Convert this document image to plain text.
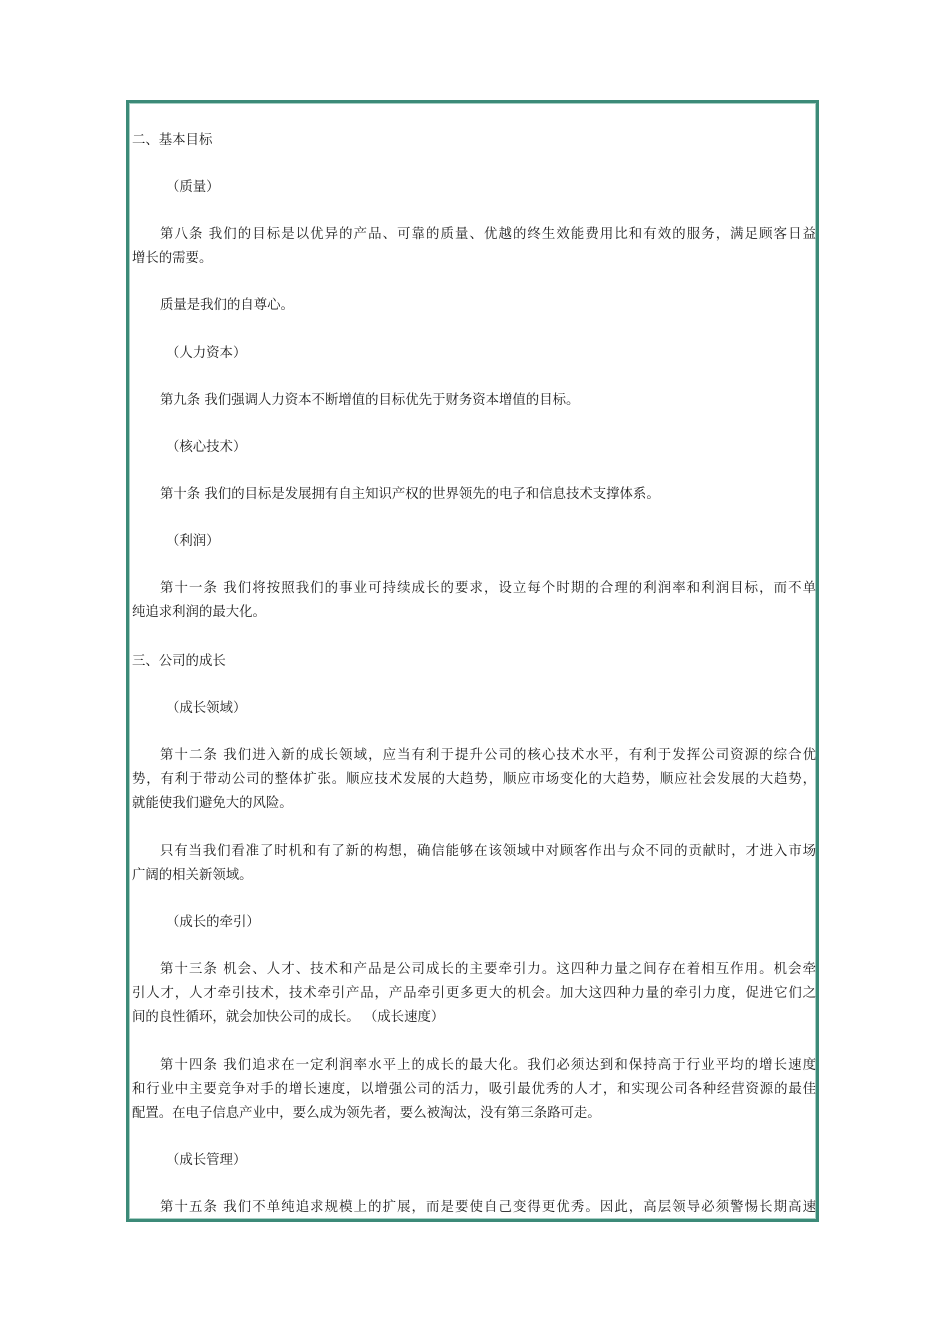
二、基本目标
（质量）
第八条 我们的目标是以优异的产品、可靠的质量、优越的终生效能费用比和有效的服务，满足顾客日益
增长的需要。
质量是我们的自尊心。
（人力资本）
第九条 我们强调人力资本不断增值的目标优先于财务资本增值的目标。
（核心技术）
第十条 我们的目标是发展拥有自主知识产权的世界领先的电子和信息技术支撑体系。
（利润）
第十一条 我们将按照我们的事业可持续成长的要求，设立每个时期的合理的利润率和利润目标，而不单
纯追求利润的最大化。
三、公司的成长
（成长领域）
第十二条 我们进入新的成长领域，应当有利于提升公司的核心技术水平，有利于发挥公司资源的综合优
势，有利于带动公司的整体扩张。顺应技术发展的大趋势，顺应市场变化的大趋势，顺应社会发展的大趋势，
就能使我们避免大的风险。
只有当我们看准了时机和有了新的构想，确信能够在该领域中对顾客作出与众不同的贡献时，才进入市场
广阔的相关新领域。
（成长的牵引）
第十三条 机会、人才、技术和产品是公司成长的主要牵引力。这四种力量之间存在着相互作用。机会牵
引人才，人才牵引技术，技术牵引产品，产品牵引更多更大的机会。加大这四种力量的牵引力度，促进它们之
间的良性循环，就会加快公司的成长。 （成长速度）
第十四条 我们追求在一定利润率水平上的成长的最大化。我们必须达到和保持高于行业平均的增长速度
和行业中主要竞争对手的增长速度，以增强公司的活力，吸引最优秀的人才，和实现公司各种经营资源的最佳
配置。在电子信息产业中，要么成为领先者，要么被淘汰，没有第三条路可走。
（成长管理）
第十五条 我们不单纯追求规模上的扩展，而是要使自己变得更优秀。因此，高层领导必须警惕长期高速
